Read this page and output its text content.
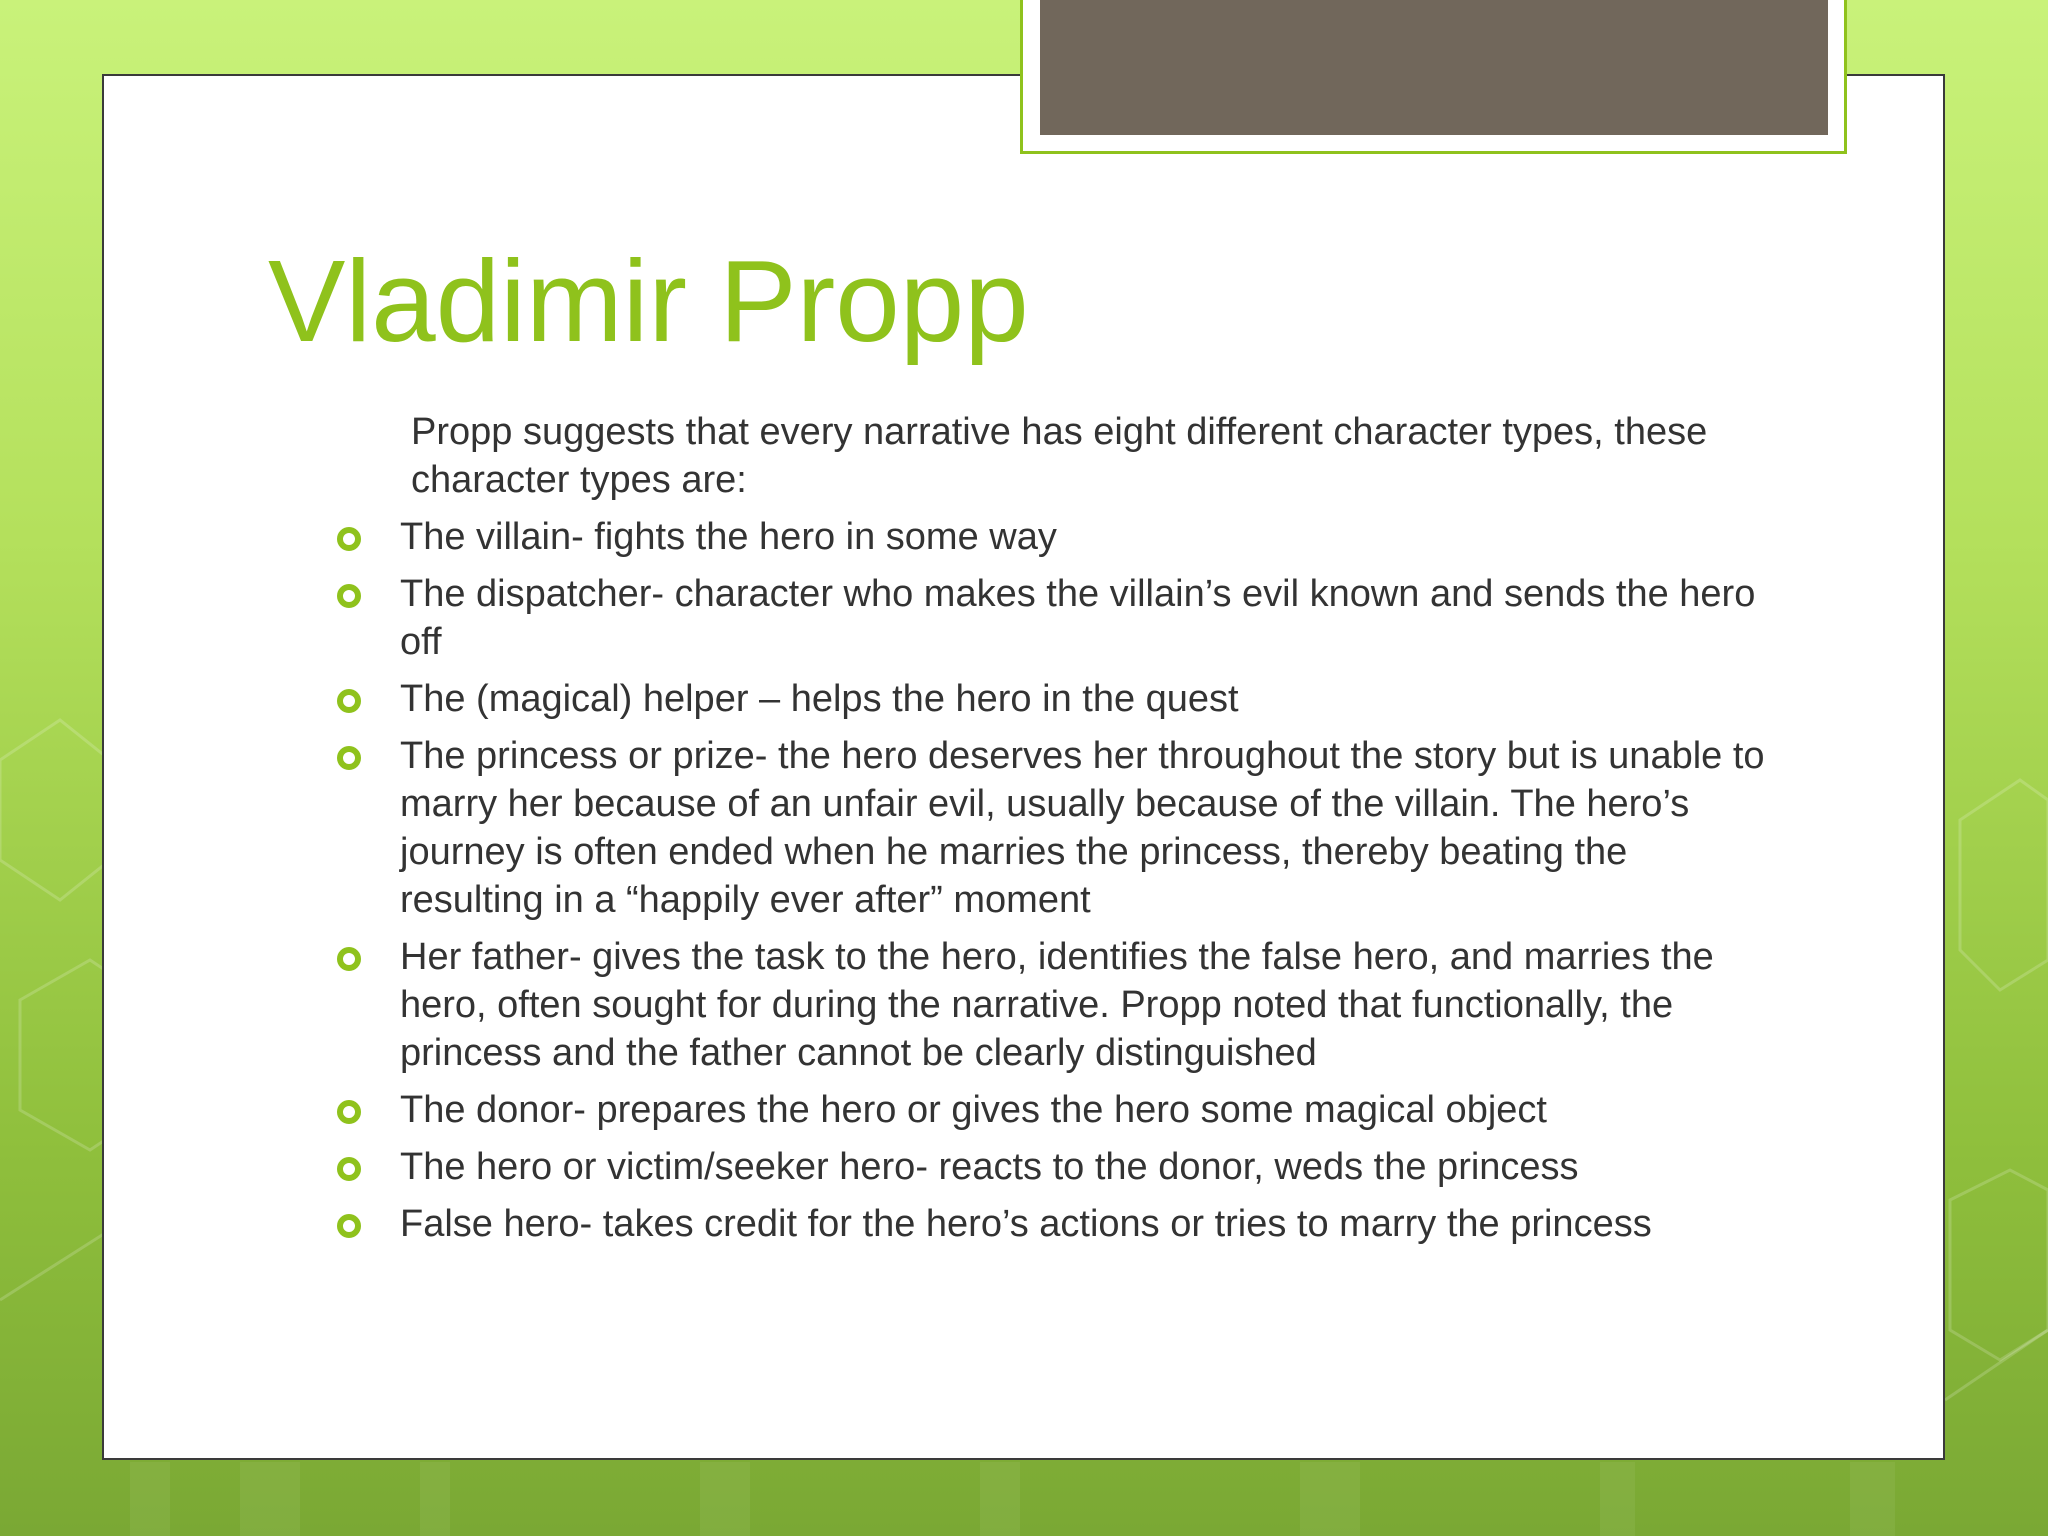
Vladimir Propp
Propp suggests that every narrative has eight different character types, these character types are:
The villain- fights the hero in some way
The dispatcher- character who makes the villain’s evil known and sends the hero off
The (magical) helper – helps the hero in the quest
The princess or prize- the hero deserves her throughout the story but is unable to marry her because of an unfair evil, usually because of the villain. The hero’s journey is often ended when he marries the princess, thereby beating the resulting in a “happily ever after” moment
Her father- gives the task to the hero, identifies the false hero, and marries the hero, often sought for during the narrative. Propp noted that functionally, the princess and the father cannot be clearly distinguished
The donor- prepares the hero or gives the hero some magical object
The hero or victim/seeker hero- reacts to the donor, weds the princess
False hero- takes credit for the hero’s actions or tries to marry the princess
